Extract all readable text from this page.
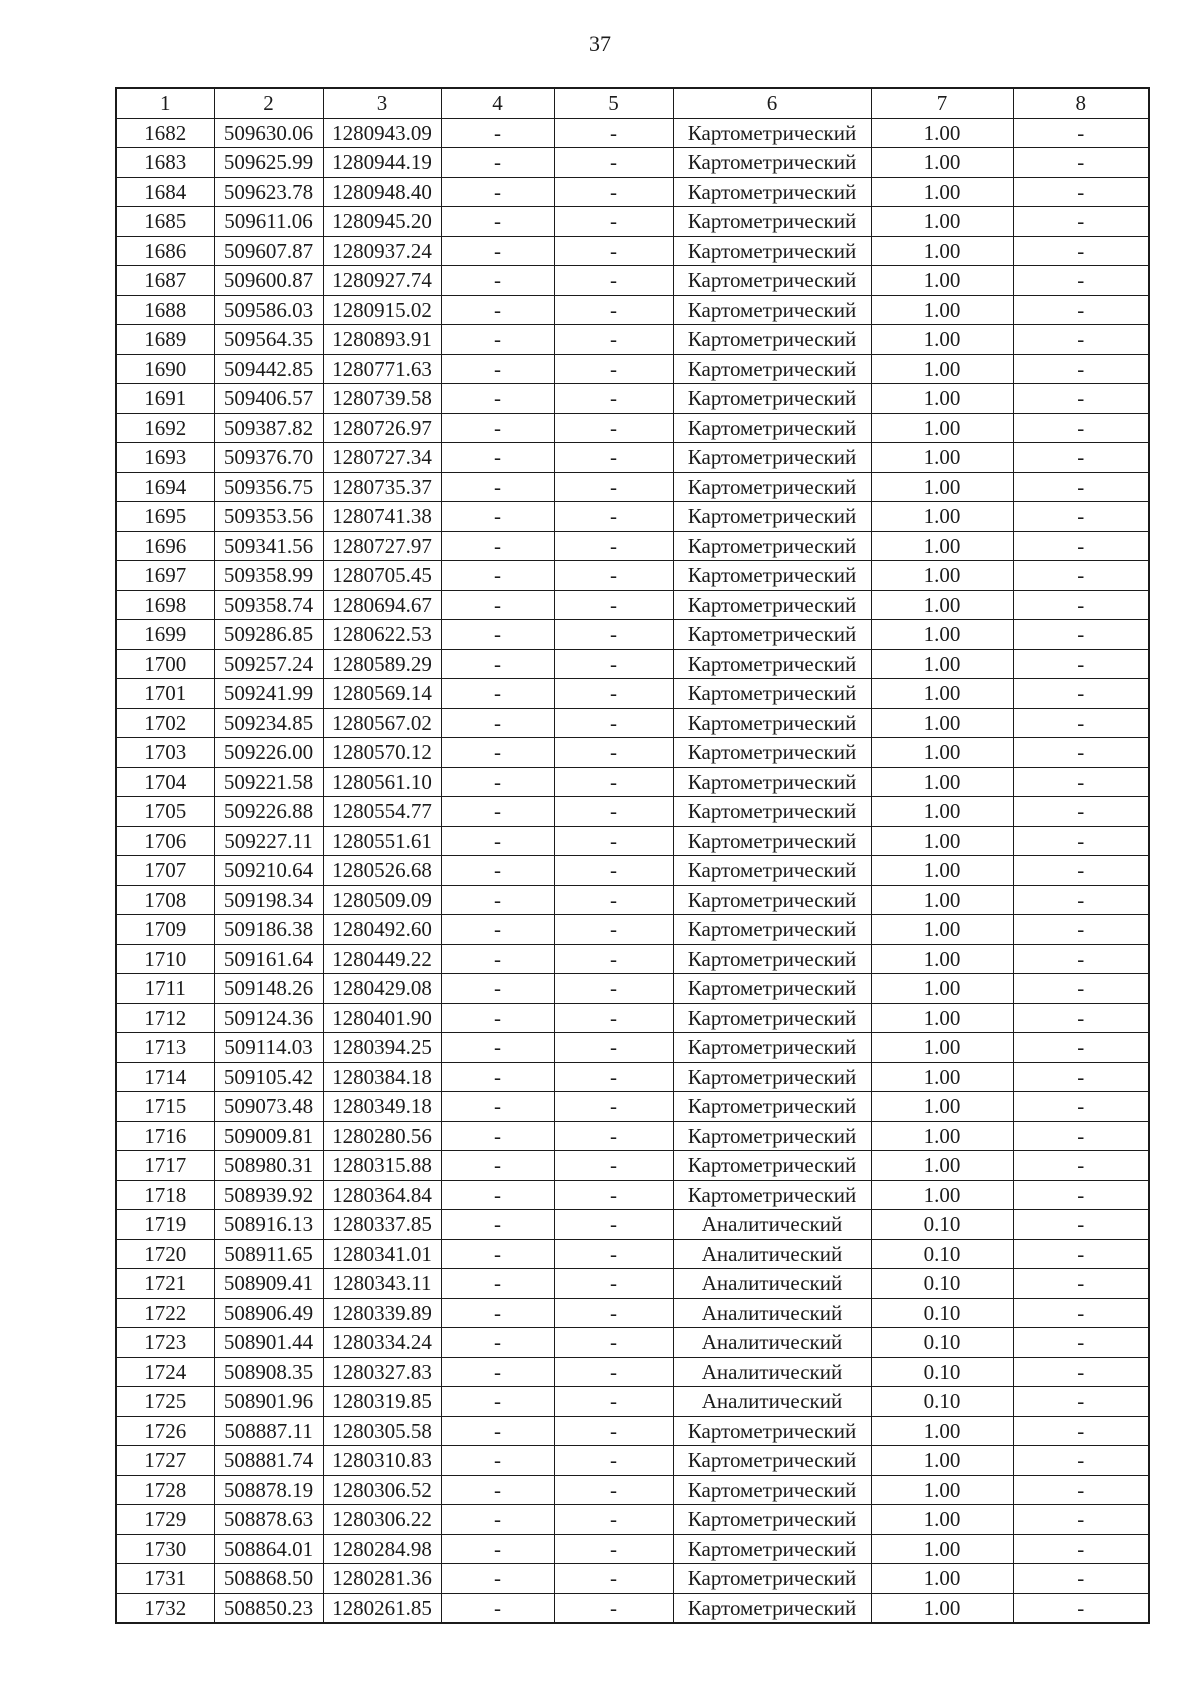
37
1	2	3	4	5	6	7	8
1682	509630.06	1280943.09	-	-	Картометрический	1.00	-
1683	509625.99	1280944.19	-	-	Картометрический	1.00	-
1684	509623.78	1280948.40	-	-	Картометрический	1.00	-
1685	509611.06	1280945.20	-	-	Картометрический	1.00	-
1686	509607.87	1280937.24	-	-	Картометрический	1.00	-
1687	509600.87	1280927.74	-	-	Картометрический	1.00	-
1688	509586.03	1280915.02	-	-	Картометрический	1.00	-
1689	509564.35	1280893.91	-	-	Картометрический	1.00	-
1690	509442.85	1280771.63	-	-	Картометрический	1.00	-
1691	509406.57	1280739.58	-	-	Картометрический	1.00	-
1692	509387.82	1280726.97	-	-	Картометрический	1.00	-
1693	509376.70	1280727.34	-	-	Картометрический	1.00	-
1694	509356.75	1280735.37	-	-	Картометрический	1.00	-
1695	509353.56	1280741.38	-	-	Картометрический	1.00	-
1696	509341.56	1280727.97	-	-	Картометрический	1.00	-
1697	509358.99	1280705.45	-	-	Картометрический	1.00	-
1698	509358.74	1280694.67	-	-	Картометрический	1.00	-
1699	509286.85	1280622.53	-	-	Картометрический	1.00	-
1700	509257.24	1280589.29	-	-	Картометрический	1.00	-
1701	509241.99	1280569.14	-	-	Картометрический	1.00	-
1702	509234.85	1280567.02	-	-	Картометрический	1.00	-
1703	509226.00	1280570.12	-	-	Картометрический	1.00	-
1704	509221.58	1280561.10	-	-	Картометрический	1.00	-
1705	509226.88	1280554.77	-	-	Картометрический	1.00	-
1706	509227.11	1280551.61	-	-	Картометрический	1.00	-
1707	509210.64	1280526.68	-	-	Картометрический	1.00	-
1708	509198.34	1280509.09	-	-	Картометрический	1.00	-
1709	509186.38	1280492.60	-	-	Картометрический	1.00	-
1710	509161.64	1280449.22	-	-	Картометрический	1.00	-
1711	509148.26	1280429.08	-	-	Картометрический	1.00	-
1712	509124.36	1280401.90	-	-	Картометрический	1.00	-
1713	509114.03	1280394.25	-	-	Картометрический	1.00	-
1714	509105.42	1280384.18	-	-	Картометрический	1.00	-
1715	509073.48	1280349.18	-	-	Картометрический	1.00	-
1716	509009.81	1280280.56	-	-	Картометрический	1.00	-
1717	508980.31	1280315.88	-	-	Картометрический	1.00	-
1718	508939.92	1280364.84	-	-	Картометрический	1.00	-
1719	508916.13	1280337.85	-	-	Аналитический	0.10	-
1720	508911.65	1280341.01	-	-	Аналитический	0.10	-
1721	508909.41	1280343.11	-	-	Аналитический	0.10	-
1722	508906.49	1280339.89	-	-	Аналитический	0.10	-
1723	508901.44	1280334.24	-	-	Аналитический	0.10	-
1724	508908.35	1280327.83	-	-	Аналитический	0.10	-
1725	508901.96	1280319.85	-	-	Аналитический	0.10	-
1726	508887.11	1280305.58	-	-	Картометрический	1.00	-
1727	508881.74	1280310.83	-	-	Картометрический	1.00	-
1728	508878.19	1280306.52	-	-	Картометрический	1.00	-
1729	508878.63	1280306.22	-	-	Картометрический	1.00	-
1730	508864.01	1280284.98	-	-	Картометрический	1.00	-
1731	508868.50	1280281.36	-	-	Картометрический	1.00	-
1732	508850.23	1280261.85	-	-	Картометрический	1.00	-
